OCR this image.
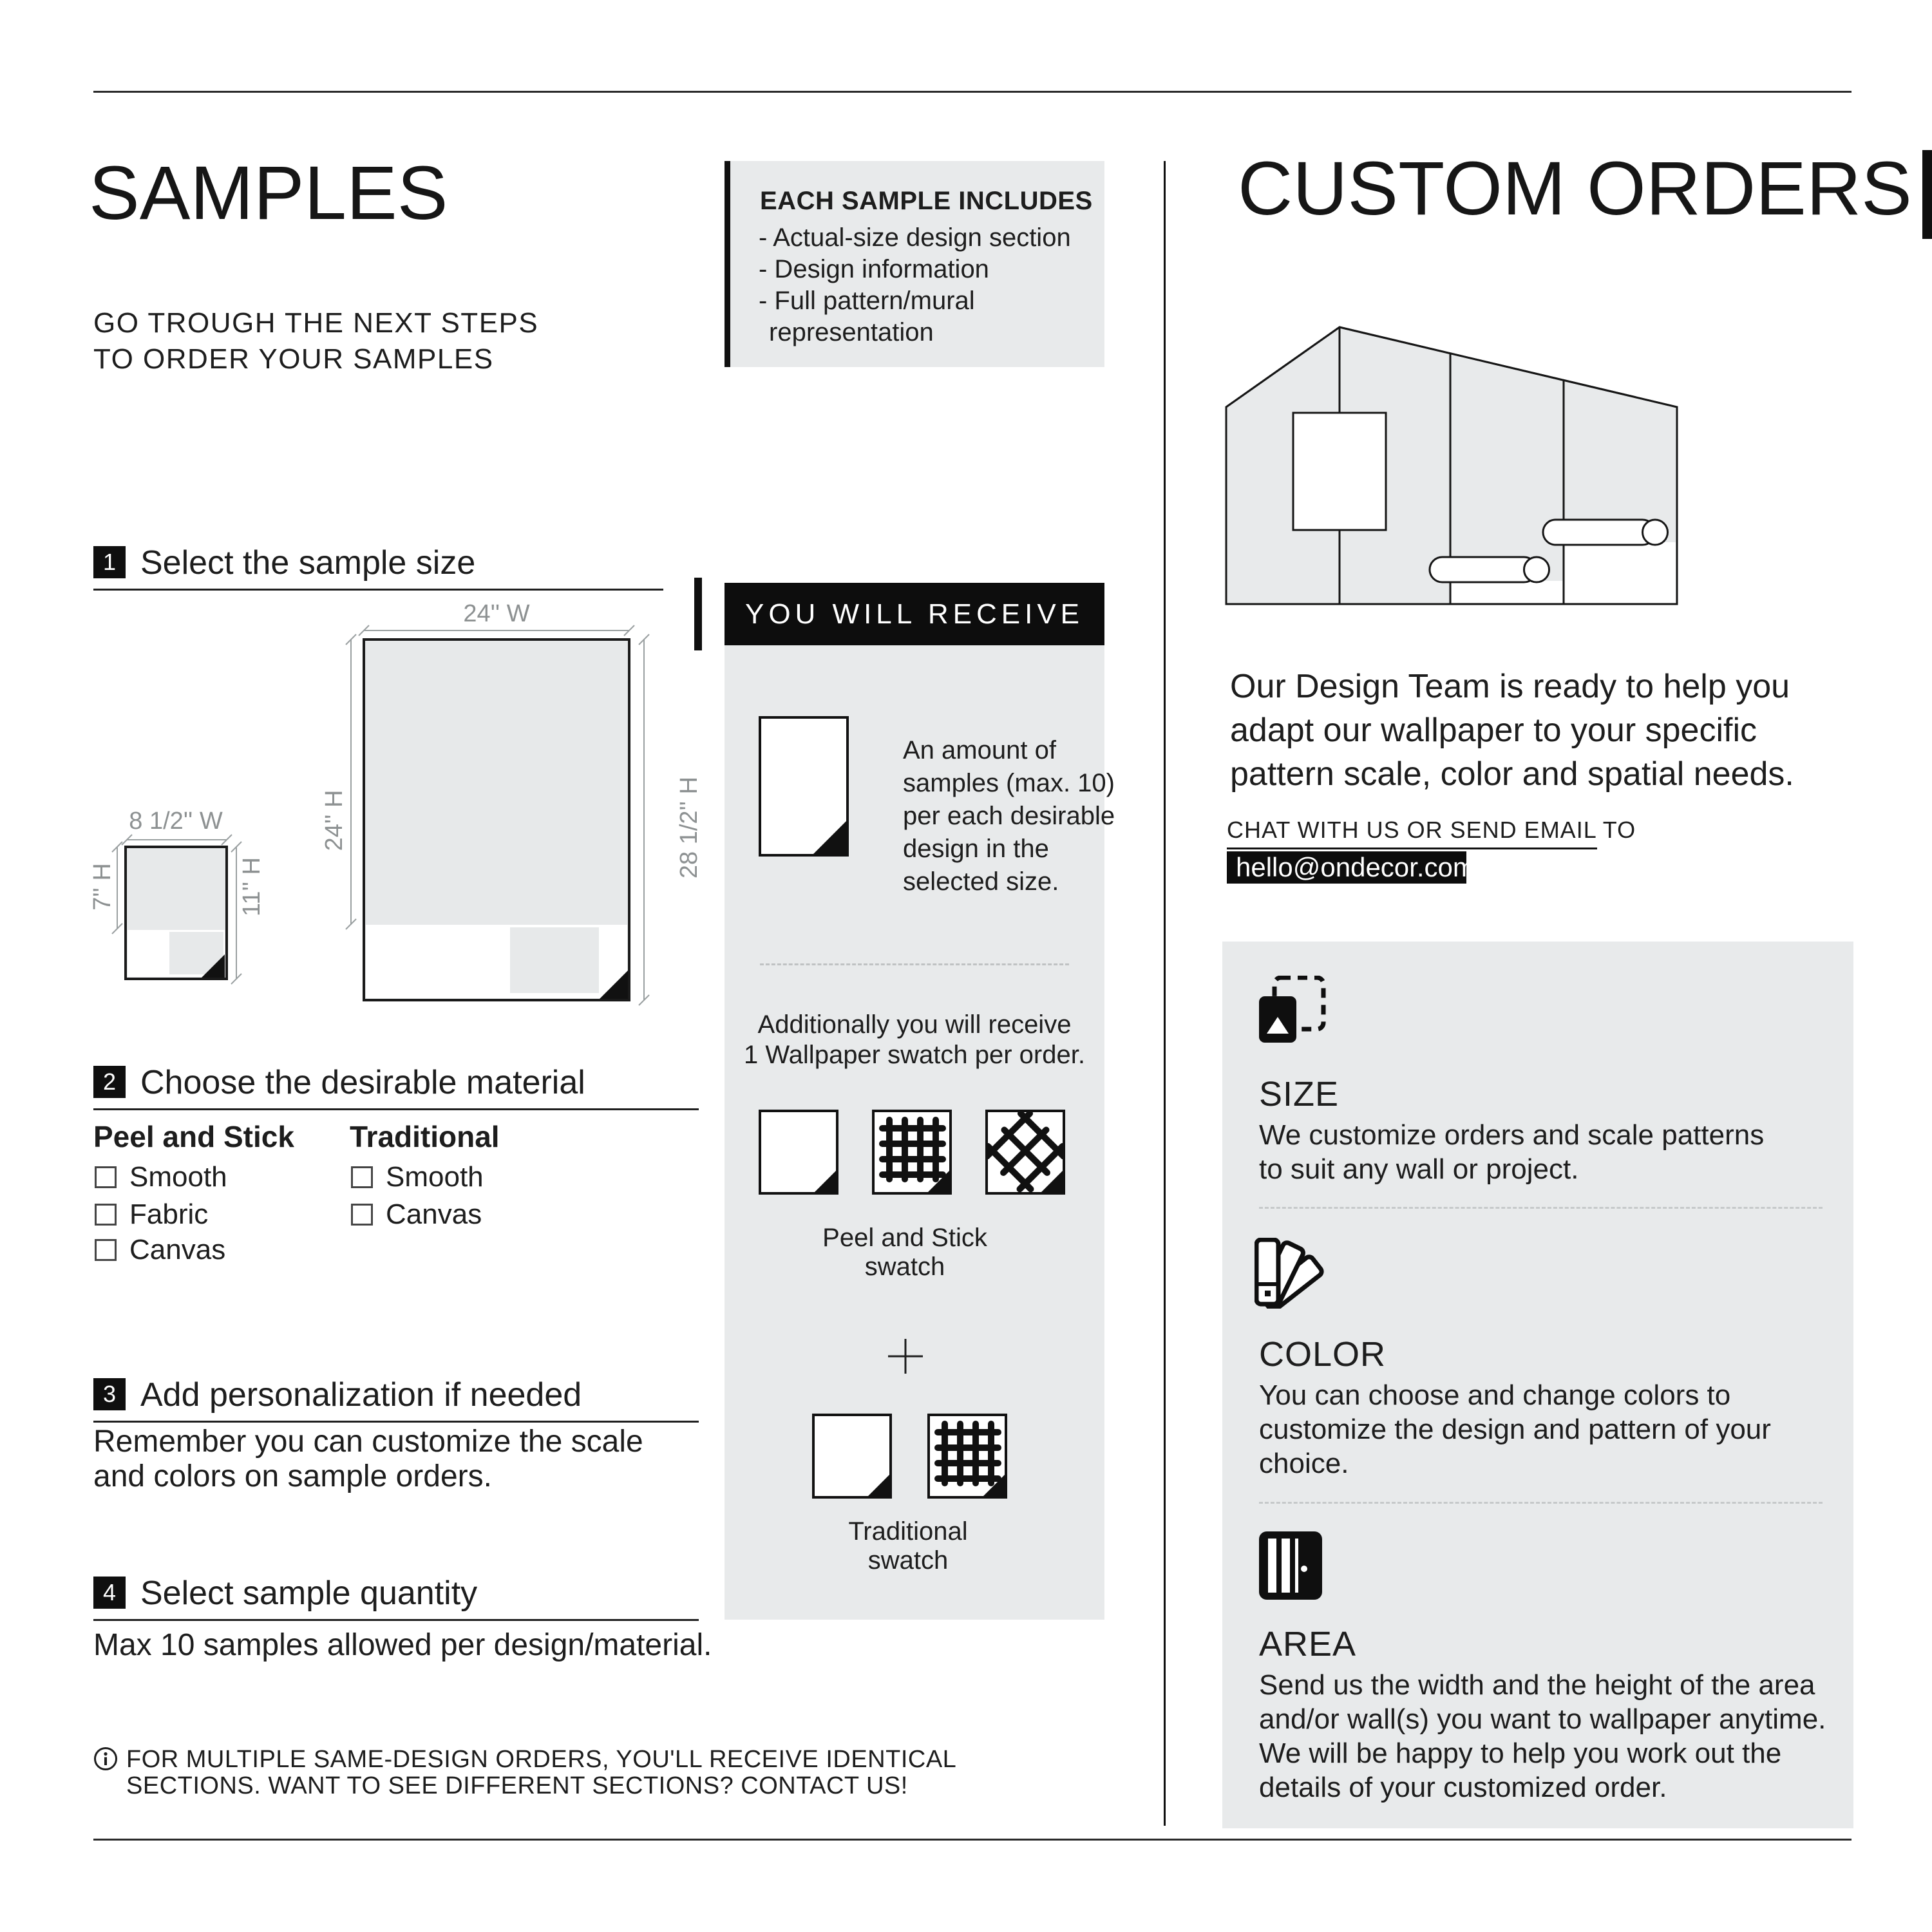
SAMPLES
GO TROUGH THE NEXT STEPS
TO ORDER YOUR SAMPLES
1 Select the sample size
24'' W
24'' H	28 1/2'' H
8 1/2'' W
7'' H	11'' H
2 Choose the desirable material
Peel and Stick Traditional
Smooth
Fabric
Canvas
Smooth
Canvas
3 Add personalization if needed
Remember you can customize the scale
and colors on sample orders.
4 Select sample quantity
Max 10 samples allowed per design/material.
FOR MULTIPLE SAME-DESIGN ORDERS, YOU'LL RECEIVE IDENTICAL
SECTIONS. WANT TO SEE DIFFERENT SECTIONS? CONTACT US!
EACH SAMPLE INCLUDES
- Actual-size design section
- Design information
- Full pattern/mural
representation
YOU WILL RECEIVE
An amount of
samples (max. 10)
per each desirable
design in the
selected size.
Additionally you will receive
1 Wallpaper swatch per order.
Peel and Stick
swatch
Traditional
swatch
CUSTOM ORDERS
Our Design Team is ready to help you
adapt our wallpaper to your specific
pattern scale, color and spatial needs.
CHAT WITH US OR SEND EMAIL TO
hello@ondecor.com
SIZE
We customize orders and scale patterns
to suit any wall or project.
COLOR
You can choose and change colors to
customize the design and pattern of your
choice.
AREA
Send us the width and the height of the area
and/or wall(s) you want to wallpaper anytime.
We will be happy to help you work out the
details of your customized order.
